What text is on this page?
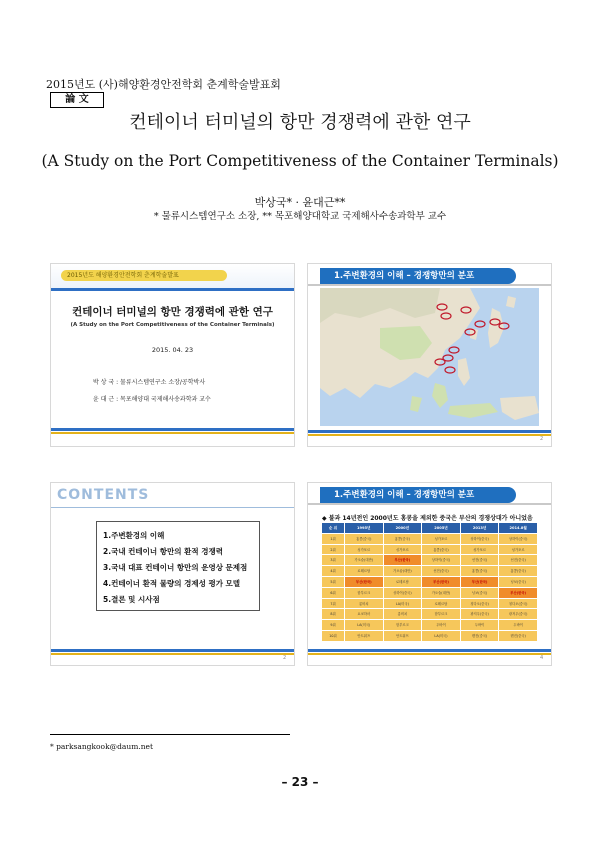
2015년도 (사)해양환경안전학회 춘계학술발표회
論 文
컨테이너 터미널의 항만 경쟁력에 관한 연구
(A Study on the Port Competitiveness of the Container Terminals)
박상국* · 윤대근**
* 물류시스템연구소 소장, ** 목포해양대학교 국제해사수송과학부 교수
2015년도 해양환경안전학회 춘계학술발표
컨테이너 터미널의 항만 경쟁력에 관한 연구
(A Study on the Port Competitiveness of the Container Terminals)
2015. 04. 23
박 상 국 : 물류시스템연구소 소장/공학박사
윤 대 근 : 목포해양대 국제해사송과학과 교수
1.주변환경의 이해 – 경쟁항만의 분포
2
CONTENTS
1.주변환경의 이해
2.국내 컨테이너 항만의 환적 경쟁력
3.국내 대표 컨테이너 항만의 운영상 문제점
4.컨테이너 환적 물량의 경제성 평가 모델
5.결론 및 시사점
2
1.주변환경의 이해 – 경쟁항만의 분포
◆ 불과 14년전인 2000년도 홍콩을 제외한 중국은 부산의 경쟁상대가 아니었음
순 위	1995년	2000년	2005년	2013년	2014.8월
1위	홍콩(중국)	홍콩(중국)	싱가포르	상하이(중국)	상하이(중국)
2위	싱가포르	싱가포르	홍콩(중국)	싱가포르	싱가포르
3위	가오슝(대만)	부산(한국)	상하이(중국)	선전(중국)	선전(중국)
4위	로테르담	가오슝(대만)	선전(중국)	홍콩(중국)	홍콩(중국)
5위	부산(한국)	로테르담	부산(한국)	부산(한국)	닝보(중국)
6위	함부르크	상하이(중국)	가오슝(대만)	닝보(중국)	부산(한국)
7위	롱비치	LA(미국)	로테르담	칭다오(중국)	칭다오(중국)
8위	요코하마	롱비치	함부르크	광저우(중국)	광저우(중국)
9위	LA(미국)	함부르크	두바이	두바이	두바이
10위	안트워프	안트워프	LA(미국)	톈진(중국)	톈진(중국)
4
* parksangkook@daum.net
– 23 –
